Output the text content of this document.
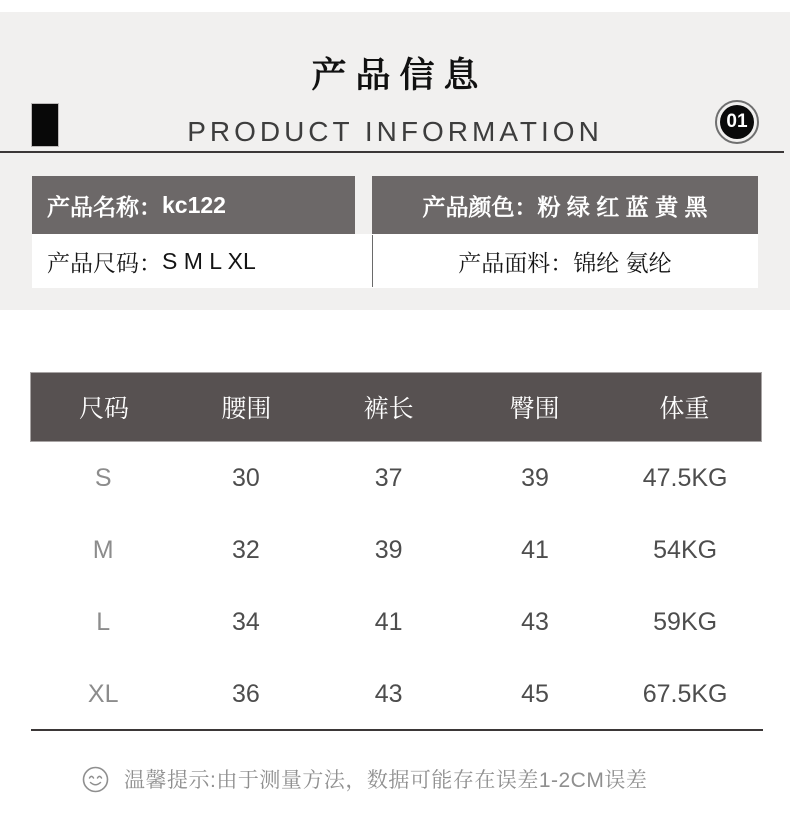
产品信息
PRODUCT INFORMATION	01
产品名称： kc122	产品颜色： 粉 绿 红 蓝 黄 黑
产品尺码： S M L XL	产品面料： 锦纶 氨纶
尺码	腰围	裤长	臀围	体重
S	30	37	39	47.5KG
M	32	39	41	54KG
L	34	41	43	59KG
XL	36	43	45	67.5KG
温馨提示:由于测量方法，数据可能存在误差1-2CM误差
